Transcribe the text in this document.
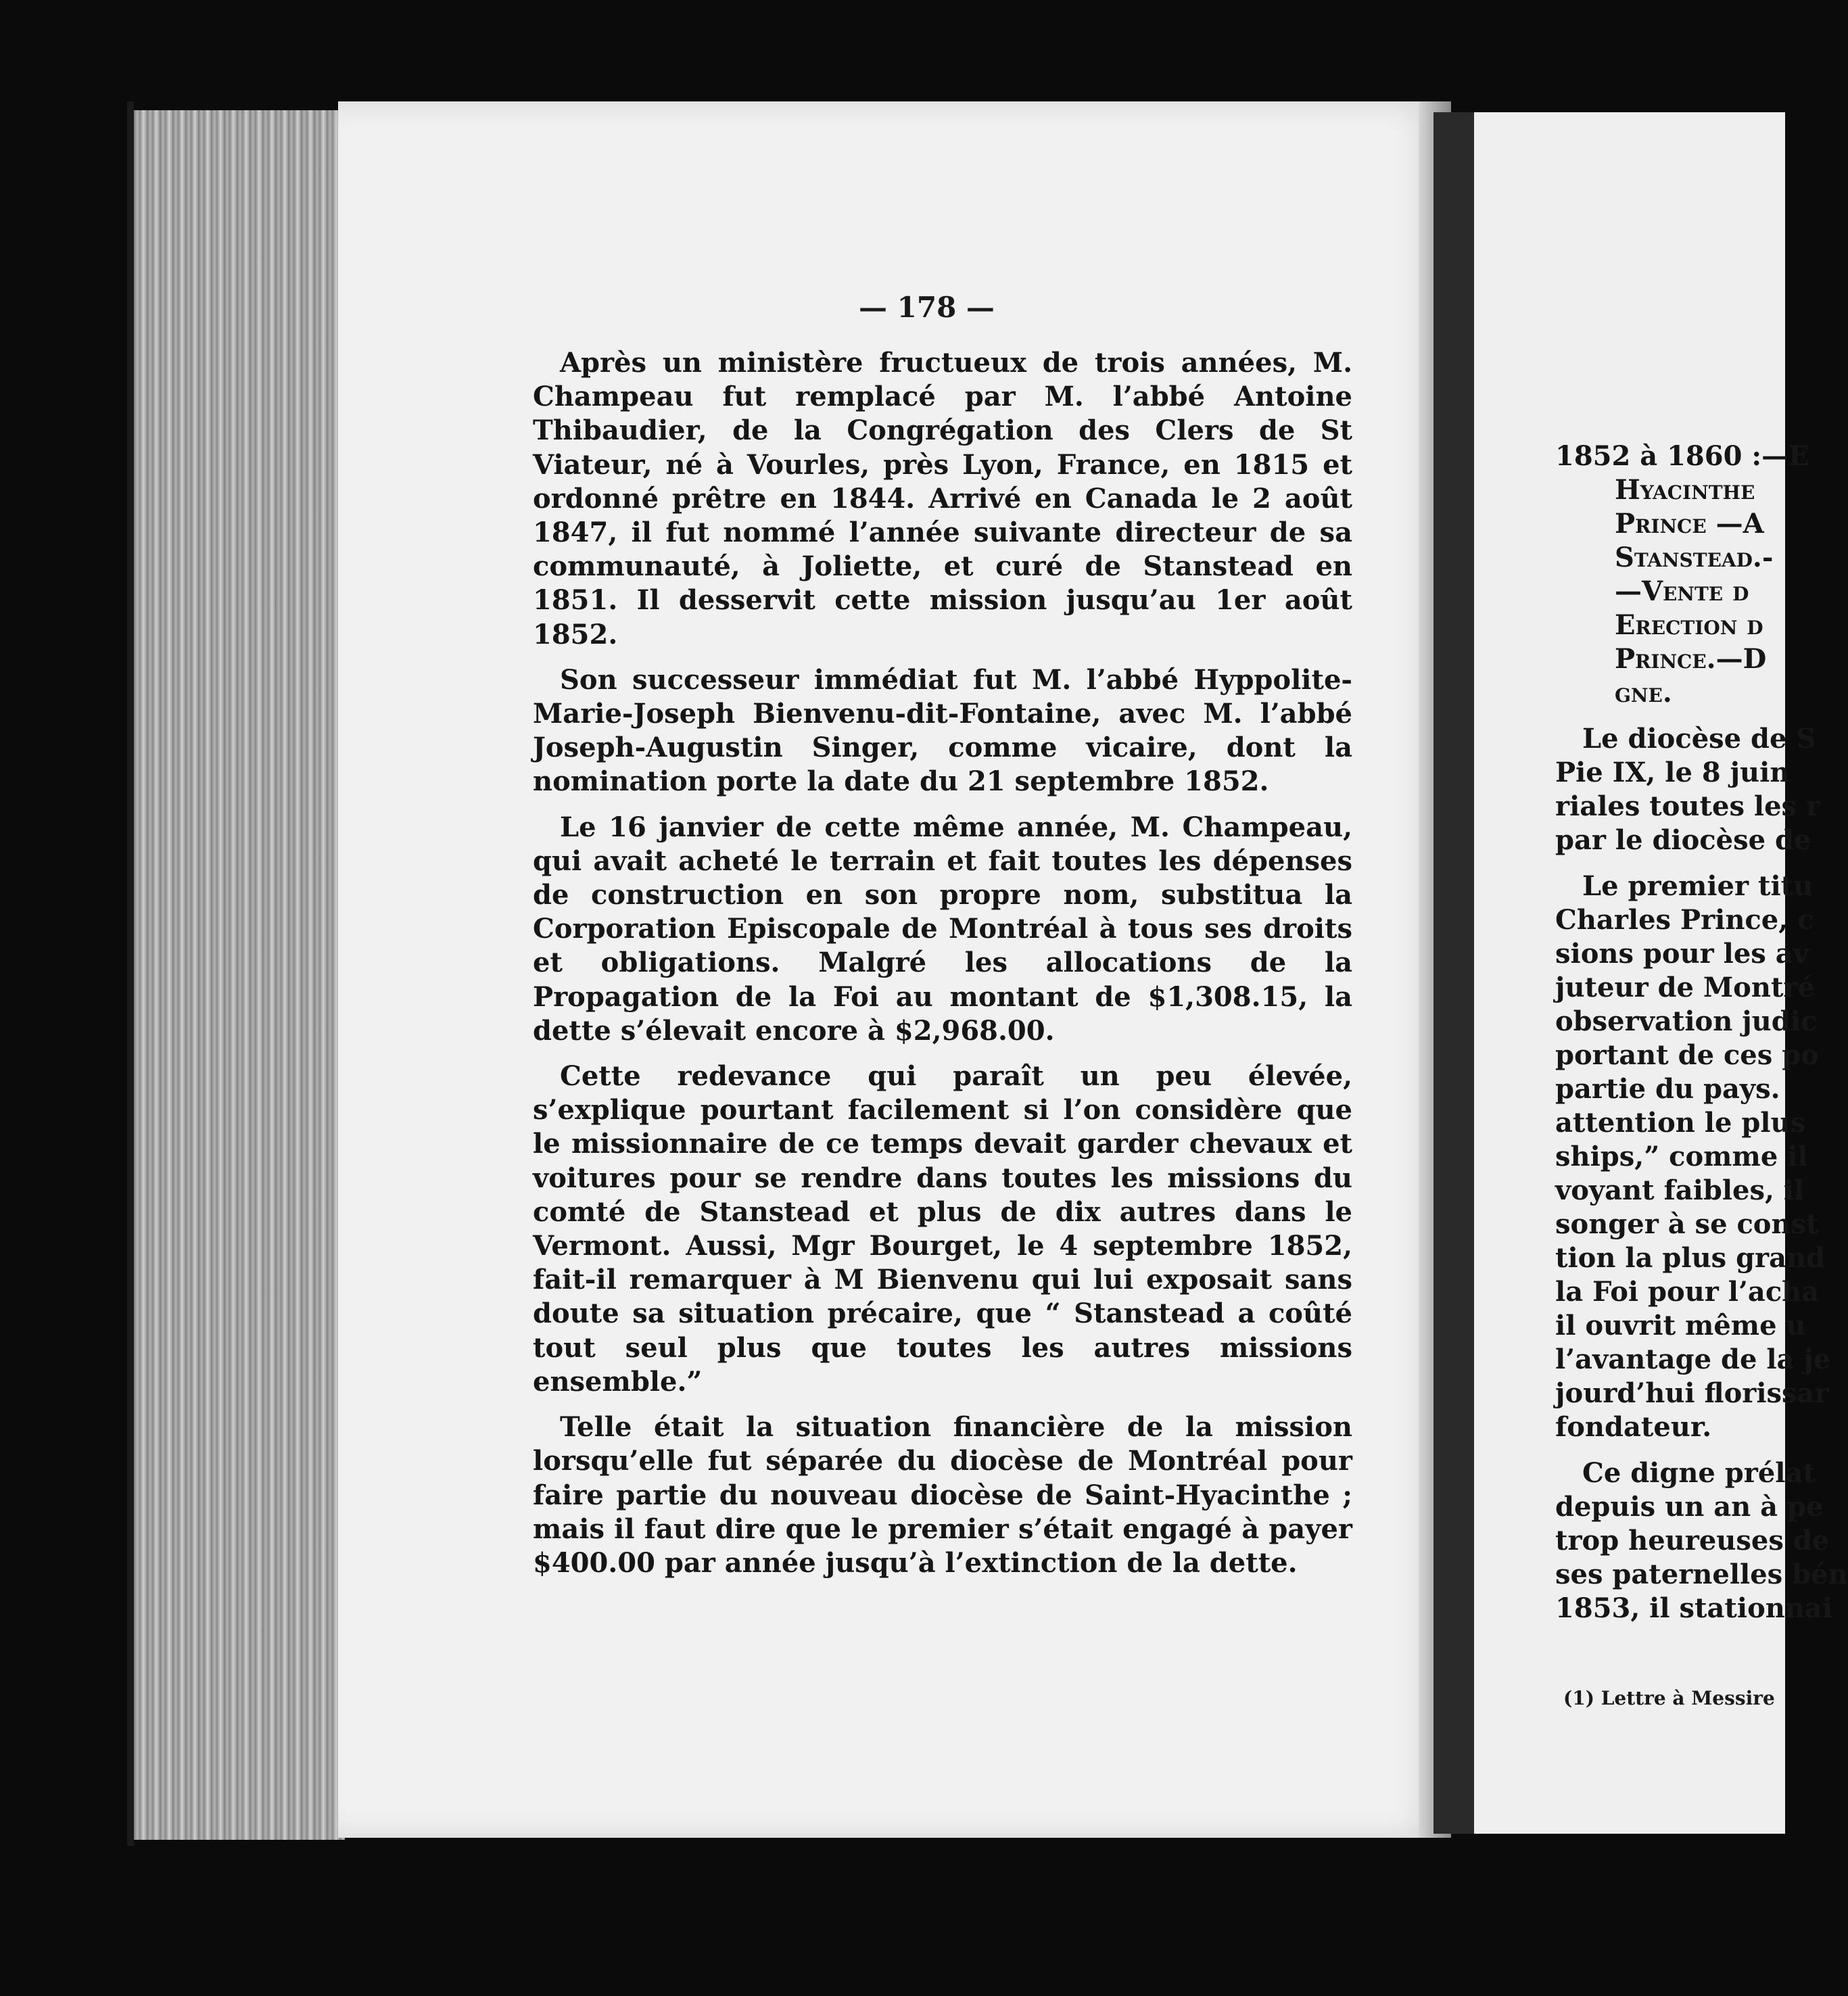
— 178 —

Après un ministère fructueux de trois années, M. Champeau fut remplacé par M. l’abbé Antoine Thibaudier, de la Congrégation des Clers de St Viateur, né à Vourles, près Lyon, France, en 1815 et ordonné prêtre en 1844. Arrivé en Canada le 2 août 1847, il fut nommé l’année suivante directeur de sa communauté, à Joliette, et curé de Stanstead en 1851. Il desservit cette mission jusqu’au 1er août 1852.

Son successeur immédiat fut M. l’abbé Hyppolite-Marie-Joseph Bienvenu-dit-Fontaine, avec M. l’abbé Joseph-Augustin Singer, comme vicaire, dont la nomination porte la date du 21 septembre 1852.

Le 16 janvier de cette même année, M. Champeau, qui avait acheté le terrain et fait toutes les dépenses de construction en son propre nom, substitua la Corporation Episcopale de Montréal à tous ses droits et obligations. Malgré les allocations de la Propagation de la Foi au montant de $1,308.15, la dette s’élevait encore à $2,968.00.

Cette redevance qui paraît un peu élevée, s’explique pourtant facilement si l’on considère que le missionnaire de ce temps devait garder chevaux et voitures pour se rendre dans toutes les missions du comté de Stanstead et plus de dix autres dans le Vermont. Aussi, Mgr Bourget, le 4 septembre 1852, fait-il remarquer à M Bienvenu qui lui exposait sans doute sa situation précaire, que “ Stanstead a coûté tout seul plus que toutes les autres missions ensemble.”

Telle était la situation financière de la mission lorsqu’elle fut séparée du diocèse de Montréal pour faire partie du nouveau diocèse de Saint-Hyacinthe ; mais il faut dire que le premier s’était engagé à payer $400.00 par année jusqu’à l’extinction de la dette.

1852 à 1860 :—E
Hyacinthe
Prince —A
Stanstead.-
—Vente d
Erection d
Prince.—D
gne.
Le diocèse de S
Pie IX, le 8 juin
riales toutes les r
par le diocèse de
Le premier titu
Charles Prince, c
sions pour les av
juteur de Montré
observation judic
portant de ces po
partie du pays.
attention le plus
ships,” comme il
voyant faibles, il
songer à se const
tion la plus grand
la Foi pour l’acha
il ouvrit même u
l’avantage de la je
jourd’hui florissar
fondateur.
Ce digne prélat
depuis un an à pe
trop heureuses de
ses paternelles bén
1853, il stationnai
(1) Lettre à Messire
